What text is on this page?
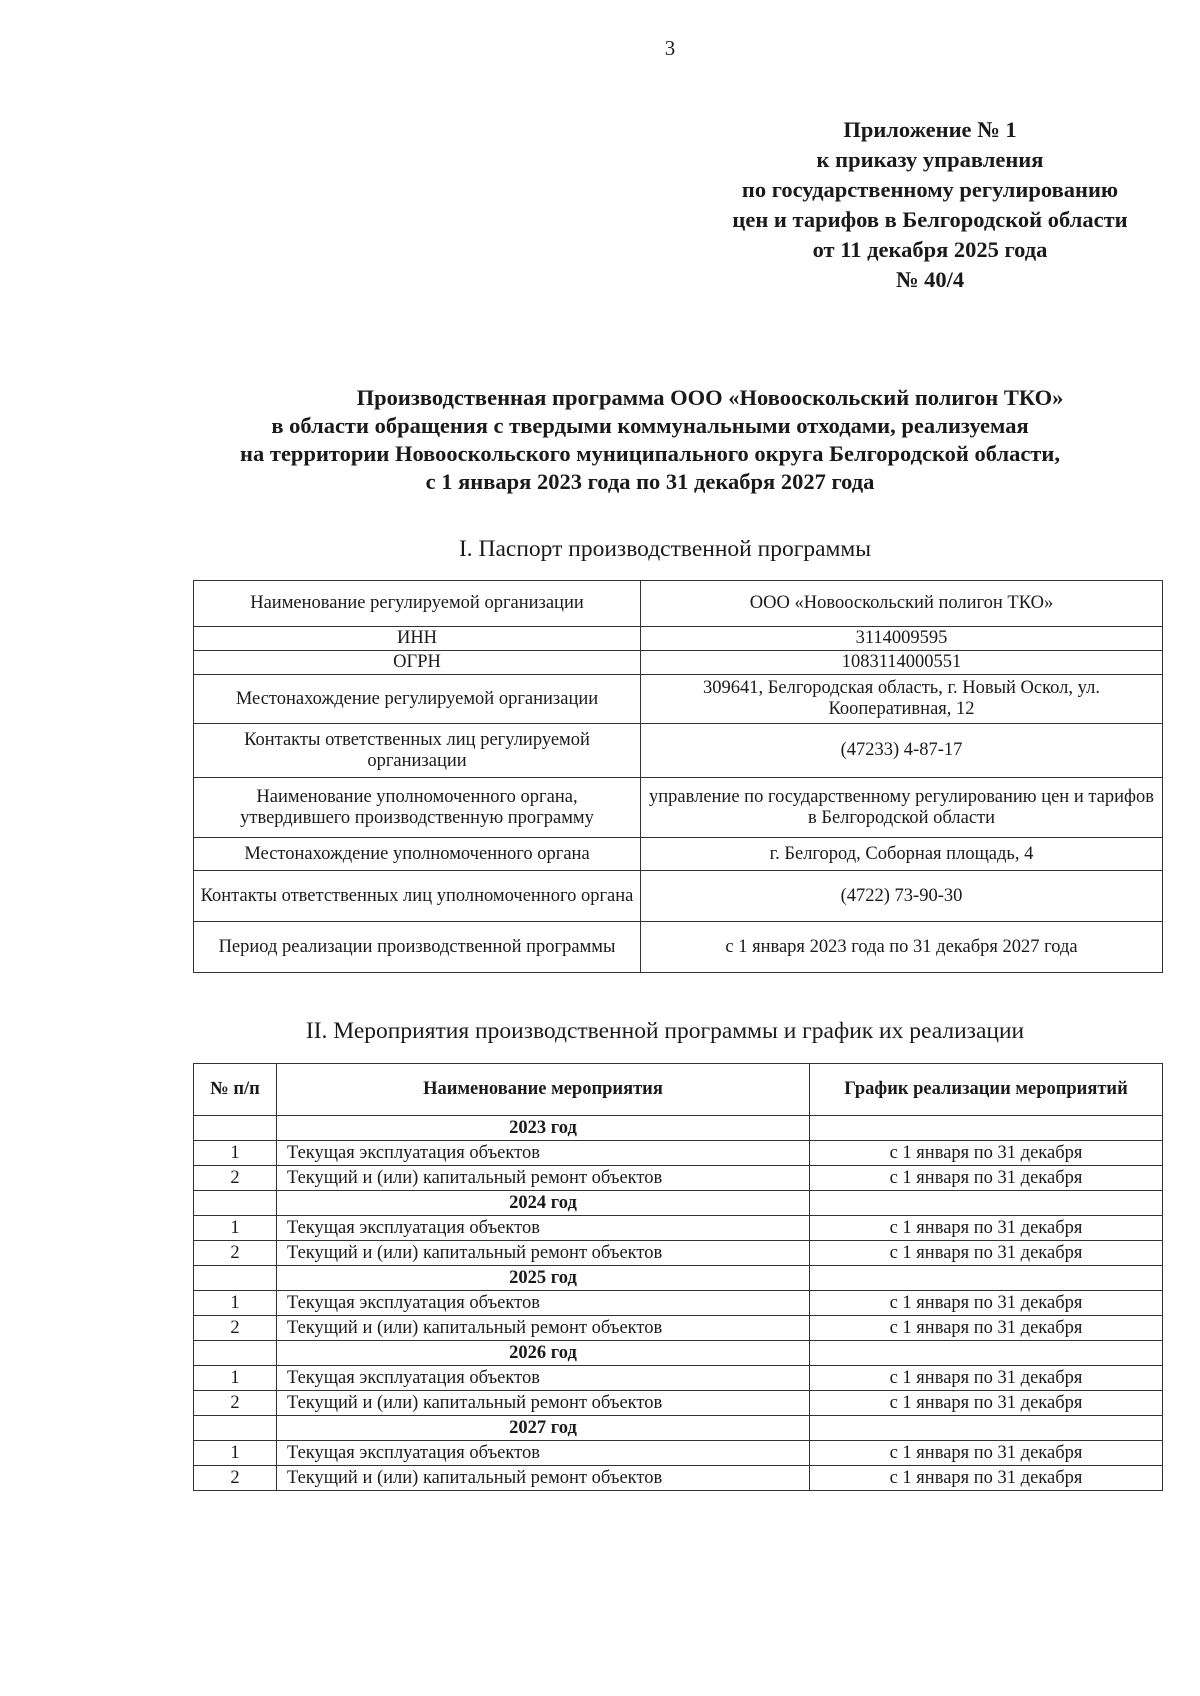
3
Приложение № 1
к приказу управления
по государственному регулированию
цен и тарифов в Белгородской области
от 11 декабря 2025 года
№ 40/4
Производственная программа ООО «Новооскольский полигон ТКО»
в области обращения с твердыми коммунальными отходами, реализуемая
на территории Новооскольского муниципального округа Белгородской области,
с 1 января 2023 года по 31 декабря 2027 года
I. Паспорт производственной программы
Наименование регулируемой организации	ООО «Новооскольский полигон ТКО»
ИНН	3114009595
ОГРН	1083114000551
Местонахождение регулируемой организации	309641, Белгородская область, г. Новый Оскол, ул. Кооперативная, 12
Контакты ответственных лиц регулируемой организации	(47233) 4-87-17
Наименование уполномоченного органа, утвердившего производственную программу	управление по государственному регулированию цен и тарифов в Белгородской области
Местонахождение уполномоченного органа	г. Белгород, Соборная площадь, 4
Контакты ответственных лиц уполномоченного органа	(4722) 73-90-30
Период реализации производственной программы	с 1 января 2023 года по 31 декабря 2027 года
II. Мероприятия производственной программы и график их реализации
№ п/п	Наименование мероприятия	График реализации мероприятий
	2023 год	
1	Текущая эксплуатация объектов	с 1 января по 31 декабря
2	Текущий и (или) капитальный ремонт объектов	с 1 января по 31 декабря
	2024 год	
1	Текущая эксплуатация объектов	с 1 января по 31 декабря
2	Текущий и (или) капитальный ремонт объектов	с 1 января по 31 декабря
	2025 год	
1	Текущая эксплуатация объектов	с 1 января по 31 декабря
2	Текущий и (или) капитальный ремонт объектов	с 1 января по 31 декабря
	2026 год	
1	Текущая эксплуатация объектов	с 1 января по 31 декабря
2	Текущий и (или) капитальный ремонт объектов	с 1 января по 31 декабря
	2027 год	
1	Текущая эксплуатация объектов	с 1 января по 31 декабря
2	Текущий и (или) капитальный ремонт объектов	с 1 января по 31 декабря
